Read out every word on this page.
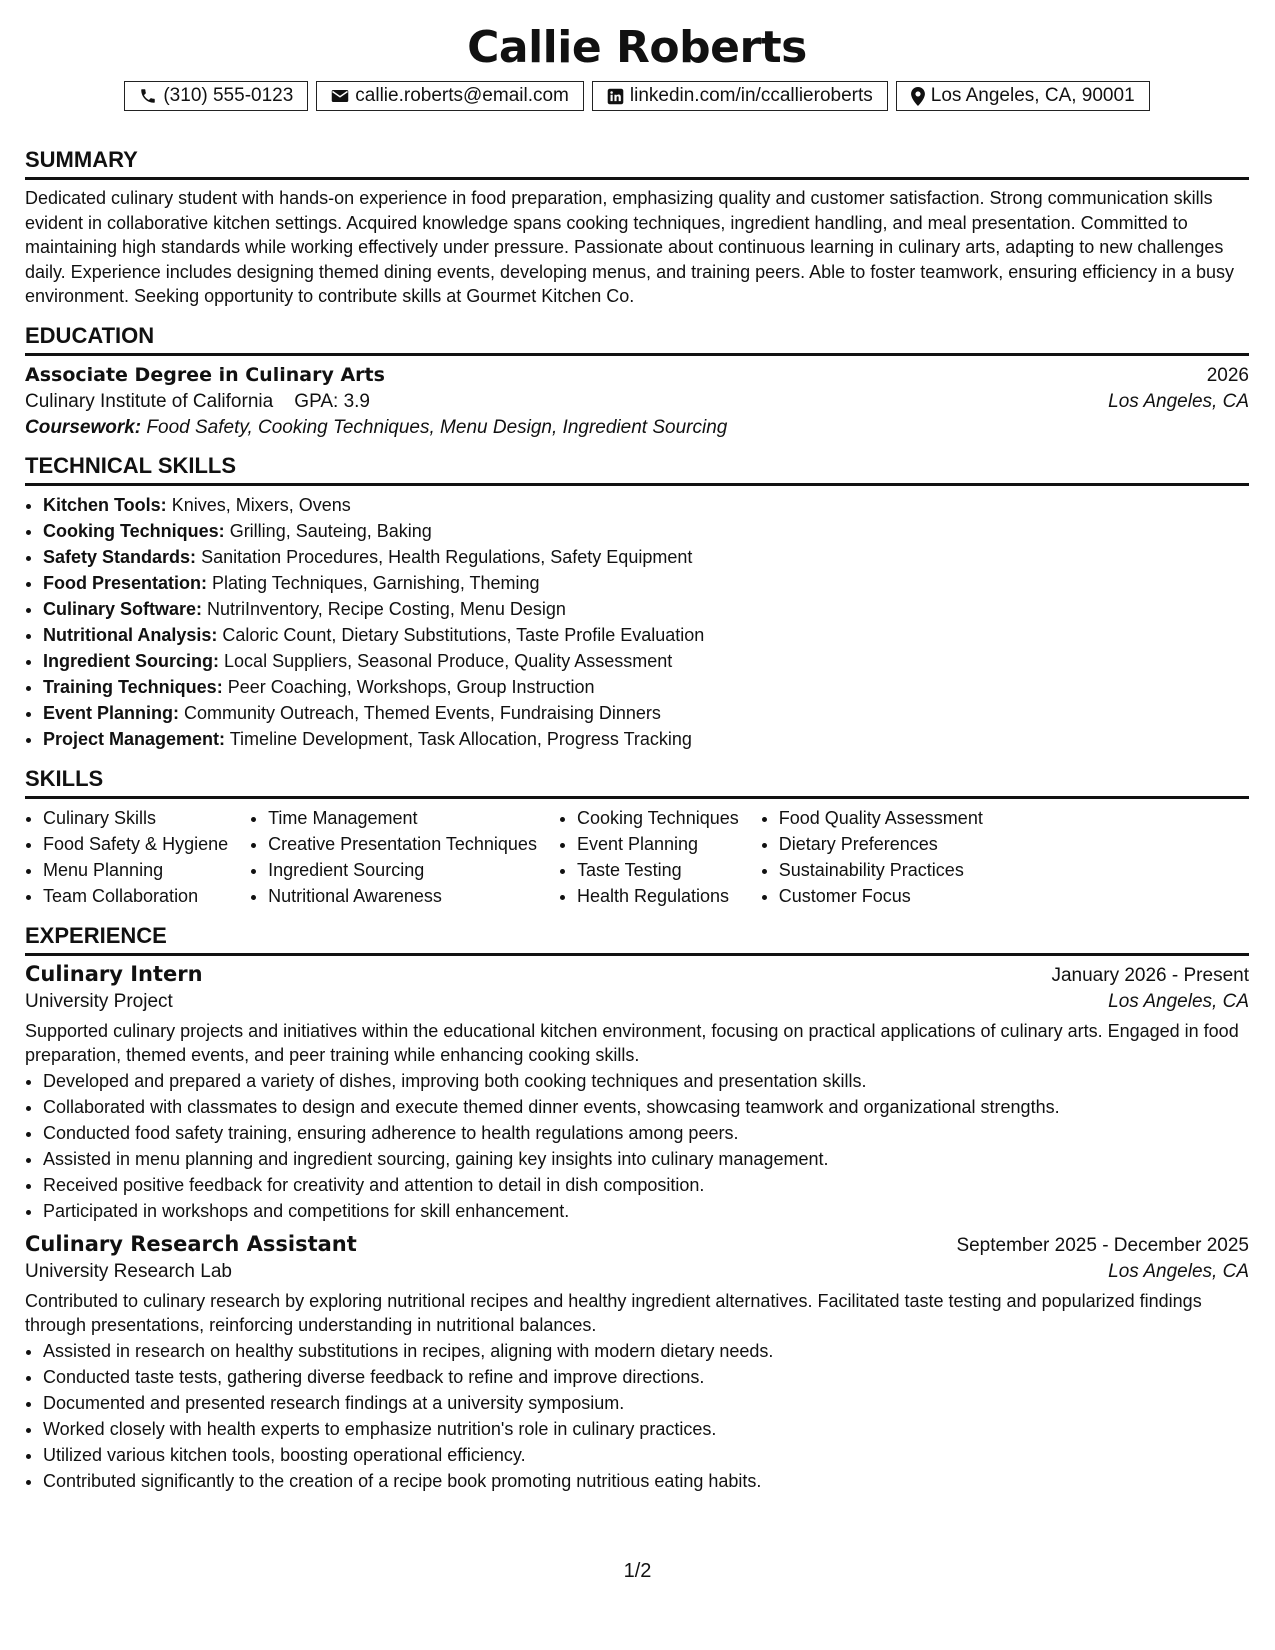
Callie Roberts
(310) 555-0123	callie.roberts@email.com	linkedin.com/in/ccallieroberts	Los Angeles, CA, 90001
SUMMARY

Dedicated culinary student with hands-on experience in food preparation, emphasizing quality and customer satisfaction. Strong communication skills evident in collaborative kitchen settings. Acquired knowledge spans cooking techniques, ingredient handling, and meal presentation. Committed to maintaining high standards while working effectively under pressure. Passionate about continuous learning in culinary arts, adapting to new challenges daily. Experience includes designing themed dining events, developing menus, and training peers. Able to foster teamwork, ensuring efficiency in a busy environment. Seeking opportunity to contribute skills at Gourmet Kitchen Co.

EDUCATION
Associate Degree in Culinary Arts	2026
Culinary Institute of California GPA: 3.9	Los Angeles, CA
Coursework: Food Safety, Cooking Techniques, Menu Design, Ingredient Sourcing
TECHNICAL SKILLS
• Kitchen Tools: Knives, Mixers, Ovens
• Cooking Techniques: Grilling, Sauteing, Baking
• Safety Standards: Sanitation Procedures, Health Regulations, Safety Equipment
• Food Presentation: Plating Techniques, Garnishing, Theming
• Culinary Software: NutriInventory, Recipe Costing, Menu Design
• Nutritional Analysis: Caloric Count, Dietary Substitutions, Taste Profile Evaluation
• Ingredient Sourcing: Local Suppliers, Seasonal Produce, Quality Assessment
• Training Techniques: Peer Coaching, Workshops, Group Instruction
• Event Planning: Community Outreach, Themed Events, Fundraising Dinners
• Project Management: Timeline Development, Task Allocation, Progress Tracking
SKILLS
• Culinary Skills
• Food Safety & Hygiene
• Menu Planning
• Team Collaboration
• Time Management
• Creative Presentation Techniques
• Ingredient Sourcing
• Nutritional Awareness
• Cooking Techniques
• Event Planning
• Taste Testing
• Health Regulations
• Food Quality Assessment
• Dietary Preferences
• Sustainability Practices
• Customer Focus
EXPERIENCE
Culinary Intern	January 2026 - Present
University Project	Los Angeles, CA

Supported culinary projects and initiatives within the educational kitchen environment, focusing on practical applications of culinary arts. Engaged in food preparation, themed events, and peer training while enhancing cooking skills.

• Developed and prepared a variety of dishes, improving both cooking techniques and presentation skills.
• Collaborated with classmates to design and execute themed dinner events, showcasing teamwork and organizational strengths.
• Conducted food safety training, ensuring adherence to health regulations among peers.
• Assisted in menu planning and ingredient sourcing, gaining key insights into culinary management.
• Received positive feedback for creativity and attention to detail in dish composition.
• Participated in workshops and competitions for skill enhancement.
Culinary Research Assistant	September 2025 - December 2025
University Research Lab	Los Angeles, CA

Contributed to culinary research by exploring nutritional recipes and healthy ingredient alternatives. Facilitated taste testing and popularized findings through presentations, reinforcing understanding in nutritional balances.

• Assisted in research on healthy substitutions in recipes, aligning with modern dietary needs.
• Conducted taste tests, gathering diverse feedback to refine and improve directions.
• Documented and presented research findings at a university symposium.
• Worked closely with health experts to emphasize nutrition's role in culinary practices.
• Utilized various kitchen tools, boosting operational efficiency.
• Contributed significantly to the creation of a recipe book promoting nutritious eating habits.
1/2
